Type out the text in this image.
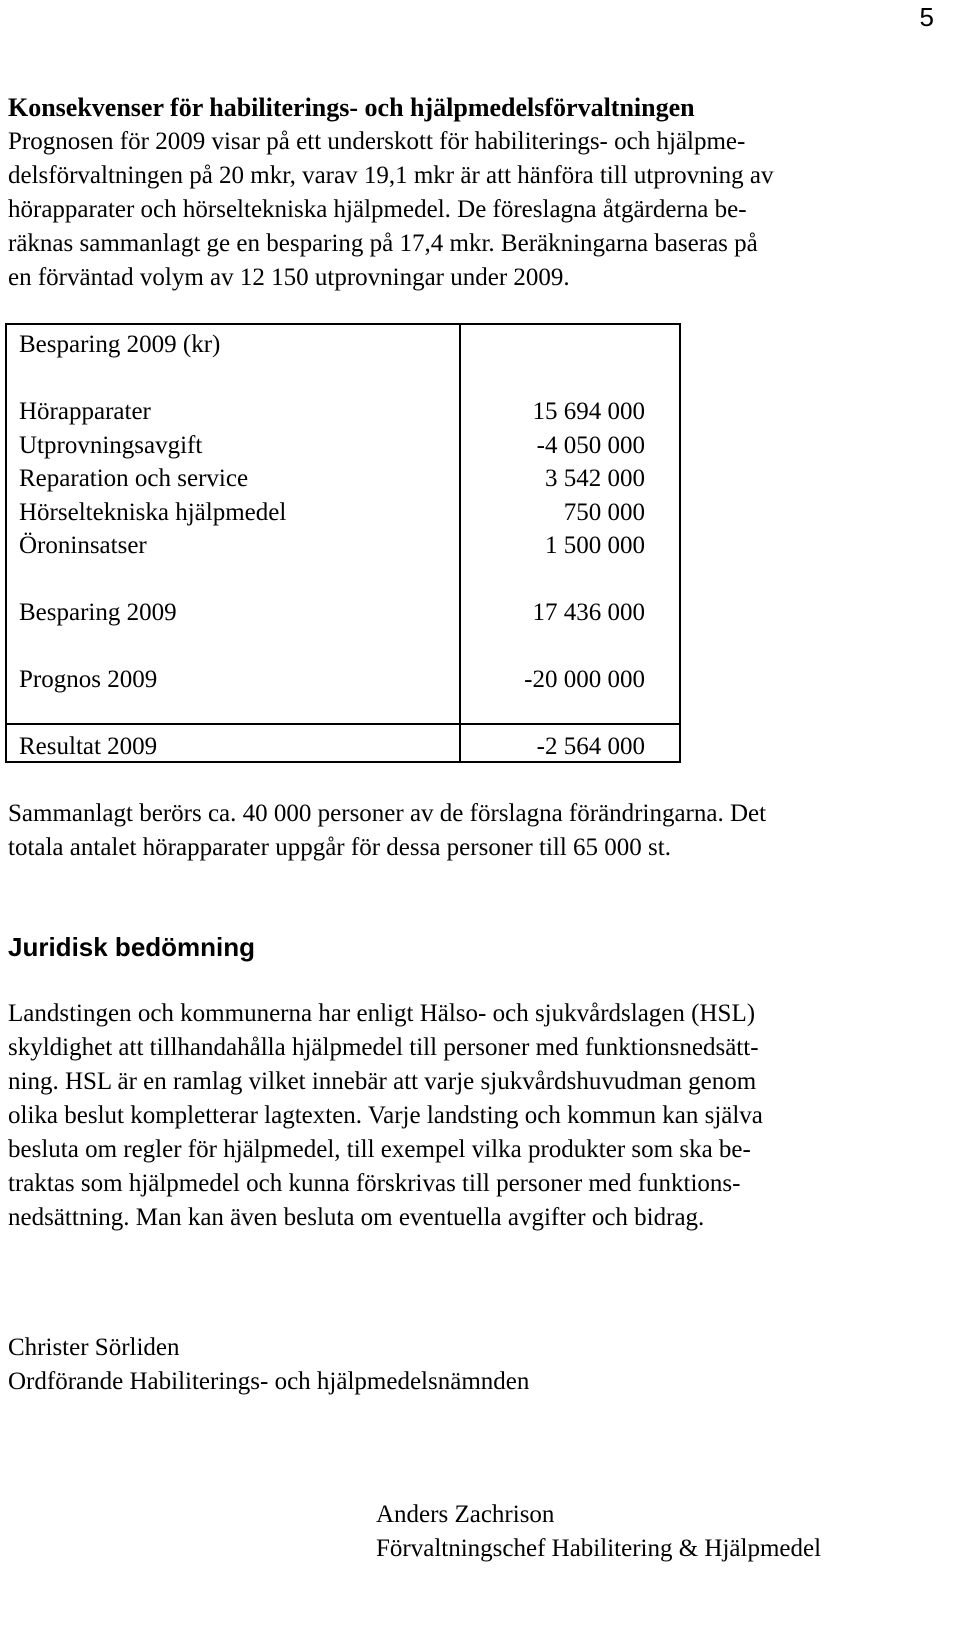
5

Konsekvenser för habiliterings- och hjälpmedelsförvaltningen

Prognosen för 2009 visar på ett underskott för habiliterings- och hjälpme-
delsförvaltningen på 20 mkr, varav 19,1 mkr är att hänföra till utprovning av
hörapparater och hörseltekniska hjälpmedel. De föreslagna åtgärderna be-
räknas sammanlagt ge en besparing på 17,4 mkr. Beräkningarna baseras på
en förväntad volym av 12 150 utprovningar under 2009.

Besparing 2009 (kr)
Hörapparater	15 694 000
Utprovningsavgift	-4 050 000
Reparation och service	3 542 000
Hörseltekniska hjälpmedel	750 000
Öroninsatser	1 500 000
Besparing 2009	17 436 000
Prognos 2009	-20 000 000
Resultat 2009	-2 564 000

Sammanlagt berörs ca. 40 000 personer av de förslagna förändringarna. Det
totala antalet hörapparater uppgår för dessa personer till 65 000 st.

Juridisk bedömning

Landstingen och kommunerna har enligt Hälso- och sjukvårdslagen (HSL)
skyldighet att tillhandahålla hjälpmedel till personer med funktionsnedsätt-
ning. HSL är en ramlag vilket innebär att varje sjukvårdshuvudman genom
olika beslut kompletterar lagtexten. Varje landsting och kommun kan själva
besluta om regler för hjälpmedel, till exempel vilka produkter som ska be-
traktas som hjälpmedel och kunna förskrivas till personer med funktions-
nedsättning. Man kan även besluta om eventuella avgifter och bidrag.

Christer Sörliden
Ordförande Habiliterings- och hjälpmedelsnämnden

Anders Zachrison
Förvaltningschef Habilitering & Hjälpmedel
